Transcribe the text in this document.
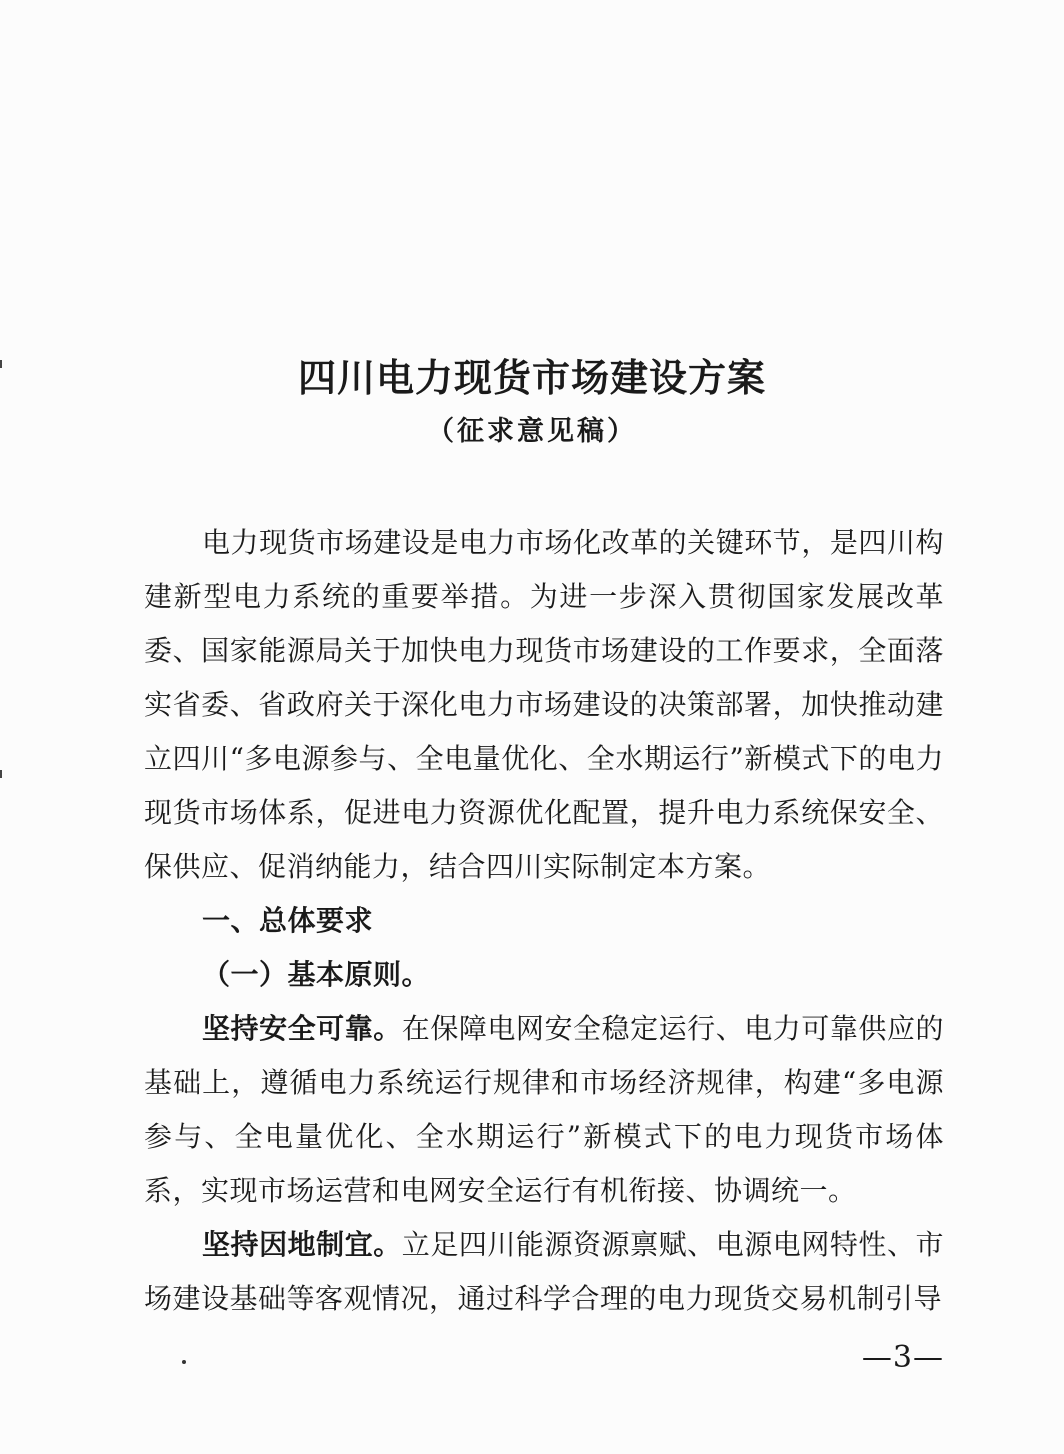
四川电力现货市场建设方案
（征求意见稿）

电力现货市场建设是电力市场化改革的关键环节，是四川构建新型电力系统的重要举措。为进一步深入贯彻国家发展改革委、国家能源局关于加快电力现货市场建设的工作要求，全面落实省委、省政府关于深化电力市场建设的决策部署，加快推动建立四川“多电源参与、全电量优化、全水期运行”新模式下的电力现货市场体系，促进电力资源优化配置，提升电力系统保安全、保供应、促消纳能力，结合四川实际制定本方案。

一、总体要求

（一）基本原则。

坚持安全可靠。在保障电网安全稳定运行、电力可靠供应的基础上，遵循电力系统运行规律和市场经济规律，构建“多电源参与、全电量优化、全水期运行”新模式下的电力现货市场体系，实现市场运营和电网安全运行有机衔接、协调统一。

坚持因地制宜。立足四川能源资源禀赋、电源电网特性、市场建设基础等客观情况，通过科学合理的电力现货交易机制引导

—3—
